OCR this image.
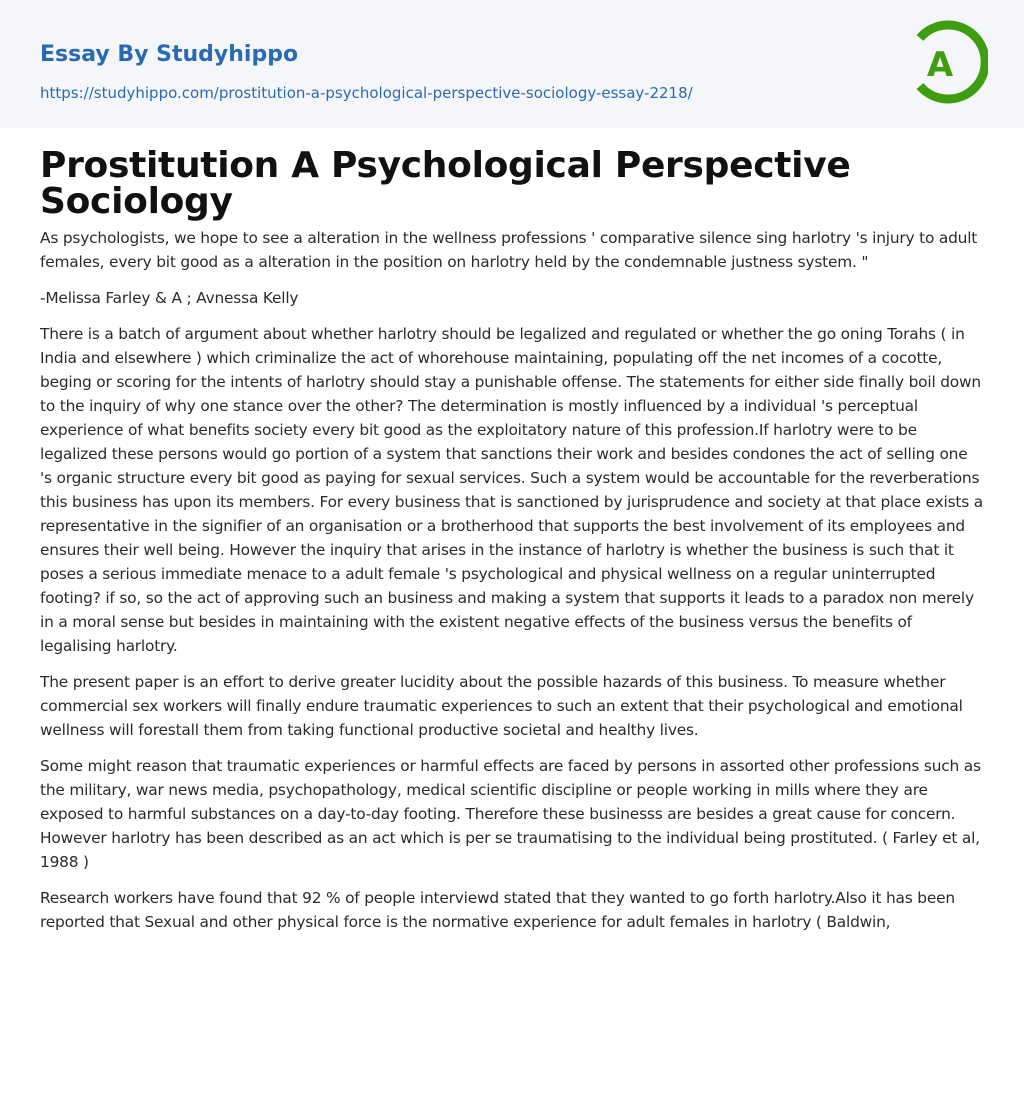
Essay By Studyhippo
https://studyhippo.com/prostitution-a-psychological-perspective-sociology-essay-2218/
A
Prostitution A Psychological Perspective Sociology

As psychologists, we hope to see a alteration in the wellness professions ' comparative silence sing harlotry 's injury to adult females, every bit good as a alteration in the position on harlotry held by the condemnable justness system. "

-Melissa Farley & A ; Avnessa Kelly

There is a batch of argument about whether harlotry should be legalized and regulated or whether the go oning Torahs ( in India and elsewhere ) which criminalize the act of whorehouse maintaining, populating off the net incomes of a cocotte, beging or scoring for the intents of harlotry should stay a punishable offense. The statements for either side finally boil down to the inquiry of why one stance over the other? The determination is mostly influenced by a individual 's perceptual experience of what benefits society every bit good as the exploitatory nature of this profession.If harlotry were to be legalized these persons would go portion of a system that sanctions their work and besides condones the act of selling one 's organic structure every bit good as paying for sexual services. Such a system would be accountable for the reverberations this business has upon its members. For every business that is sanctioned by jurisprudence and society at that place exists a representative in the signifier of an organisation or a brotherhood that supports the best involvement of its employees and ensures their well being. However the inquiry that arises in the instance of harlotry is whether the business is such that it poses a serious immediate menace to a adult female 's psychological and physical wellness on a regular uninterrupted footing? if so, so the act of approving such an business and making a system that supports it leads to a paradox non merely in a moral sense but besides in maintaining with the existent negative effects of the business versus the benefits of legalising harlotry.

The present paper is an effort to derive greater lucidity about the possible hazards of this business. To measure whether commercial sex workers will finally endure traumatic experiences to such an extent that their psychological and emotional wellness will forestall them from taking functional productive societal and healthy lives.

Some might reason that traumatic experiences or harmful effects are faced by persons in assorted other professions such as the military, war news media, psychopathology, medical scientific discipline or people working in mills where they are exposed to harmful substances on a day-to-day footing. Therefore these businesss are besides a great cause for concern. However harlotry has been described as an act which is per se traumatising to the individual being prostituted. ( Farley et al, 1988 )

Research workers have found that 92 % of people interviewd stated that they wanted to go forth harlotry.Also it has been reported that Sexual and other physical force is the normative experience for adult females in harlotry ( Baldwin,
